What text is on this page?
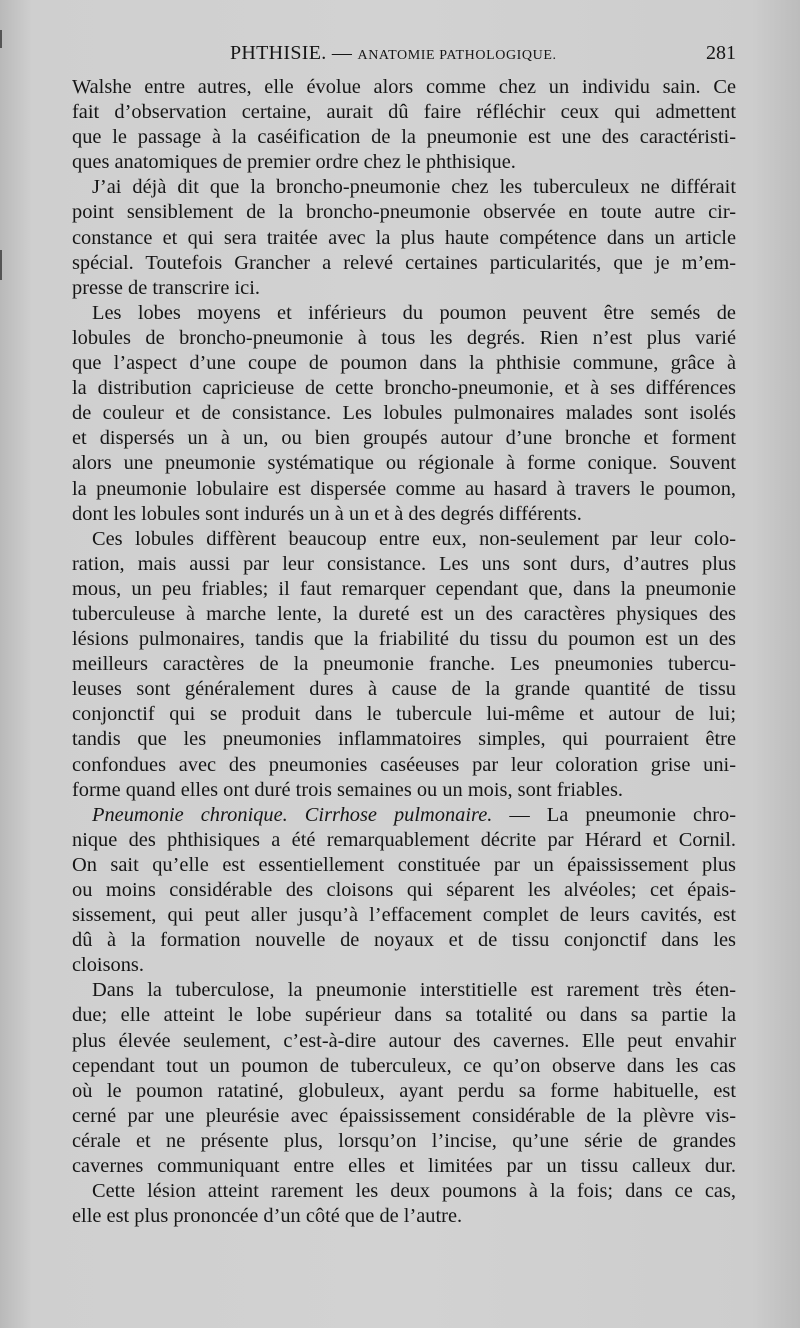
PHTHISIE. — ANATOMIE PATHOLOGIQUE.	281
Walshe entre autres, elle évolue alors comme chez un individu sain. Ce
fait d’observation certaine, aurait dû faire réfléchir ceux qui admettent
que le passage à la caséification de la pneumonie est une des caractéristi-
ques anatomiques de premier ordre chez le phthisique.
J’ai déjà dit que la broncho-pneumonie chez les tuberculeux ne différait
point sensiblement de la broncho-pneumonie observée en toute autre cir-
constance et qui sera traitée avec la plus haute compétence dans un article
spécial. Toutefois Grancher a relevé certaines particularités, que je m’em-
presse de transcrire ici.
Les lobes moyens et inférieurs du poumon peuvent être semés de
lobules de broncho-pneumonie à tous les degrés. Rien n’est plus varié
que l’aspect d’une coupe de poumon dans la phthisie commune, grâce à
la distribution capricieuse de cette broncho-pneumonie, et à ses différences
de couleur et de consistance. Les lobules pulmonaires malades sont isolés
et dispersés un à un, ou bien groupés autour d’une bronche et forment
alors une pneumonie systématique ou régionale à forme conique. Souvent
la pneumonie lobulaire est dispersée comme au hasard à travers le poumon,
dont les lobules sont indurés un à un et à des degrés différents.
Ces lobules diffèrent beaucoup entre eux, non-seulement par leur colo-
ration, mais aussi par leur consistance. Les uns sont durs, d’autres plus
mous, un peu friables; il faut remarquer cependant que, dans la pneumonie
tuberculeuse à marche lente, la dureté est un des caractères physiques des
lésions pulmonaires, tandis que la friabilité du tissu du poumon est un des
meilleurs caractères de la pneumonie franche. Les pneumonies tubercu-
leuses sont généralement dures à cause de la grande quantité de tissu
conjonctif qui se produit dans le tubercule lui-même et autour de lui;
tandis que les pneumonies inflammatoires simples, qui pourraient être
confondues avec des pneumonies caséeuses par leur coloration grise uni-
forme quand elles ont duré trois semaines ou un mois, sont friables.
Pneumonie chronique. Cirrhose pulmonaire. — La pneumonie chro-
nique des phthisiques a été remarquablement décrite par Hérard et Cornil.
On sait qu’elle est essentiellement constituée par un épaississement plus
ou moins considérable des cloisons qui séparent les alvéoles; cet épais-
sissement, qui peut aller jusqu’à l’effacement complet de leurs cavités, est
dû à la formation nouvelle de noyaux et de tissu conjonctif dans les
cloisons.
Dans la tuberculose, la pneumonie interstitielle est rarement très éten-
due; elle atteint le lobe supérieur dans sa totalité ou dans sa partie la
plus élevée seulement, c’est-à-dire autour des cavernes. Elle peut envahir
cependant tout un poumon de tuberculeux, ce qu’on observe dans les cas
où le poumon ratatiné, globuleux, ayant perdu sa forme habituelle, est
cerné par une pleurésie avec épaississement considérable de la plèvre vis-
cérale et ne présente plus, lorsqu’on l’incise, qu’une série de grandes
cavernes communiquant entre elles et limitées par un tissu calleux dur.
Cette lésion atteint rarement les deux poumons à la fois; dans ce cas,
elle est plus prononcée d’un côté que de l’autre.
